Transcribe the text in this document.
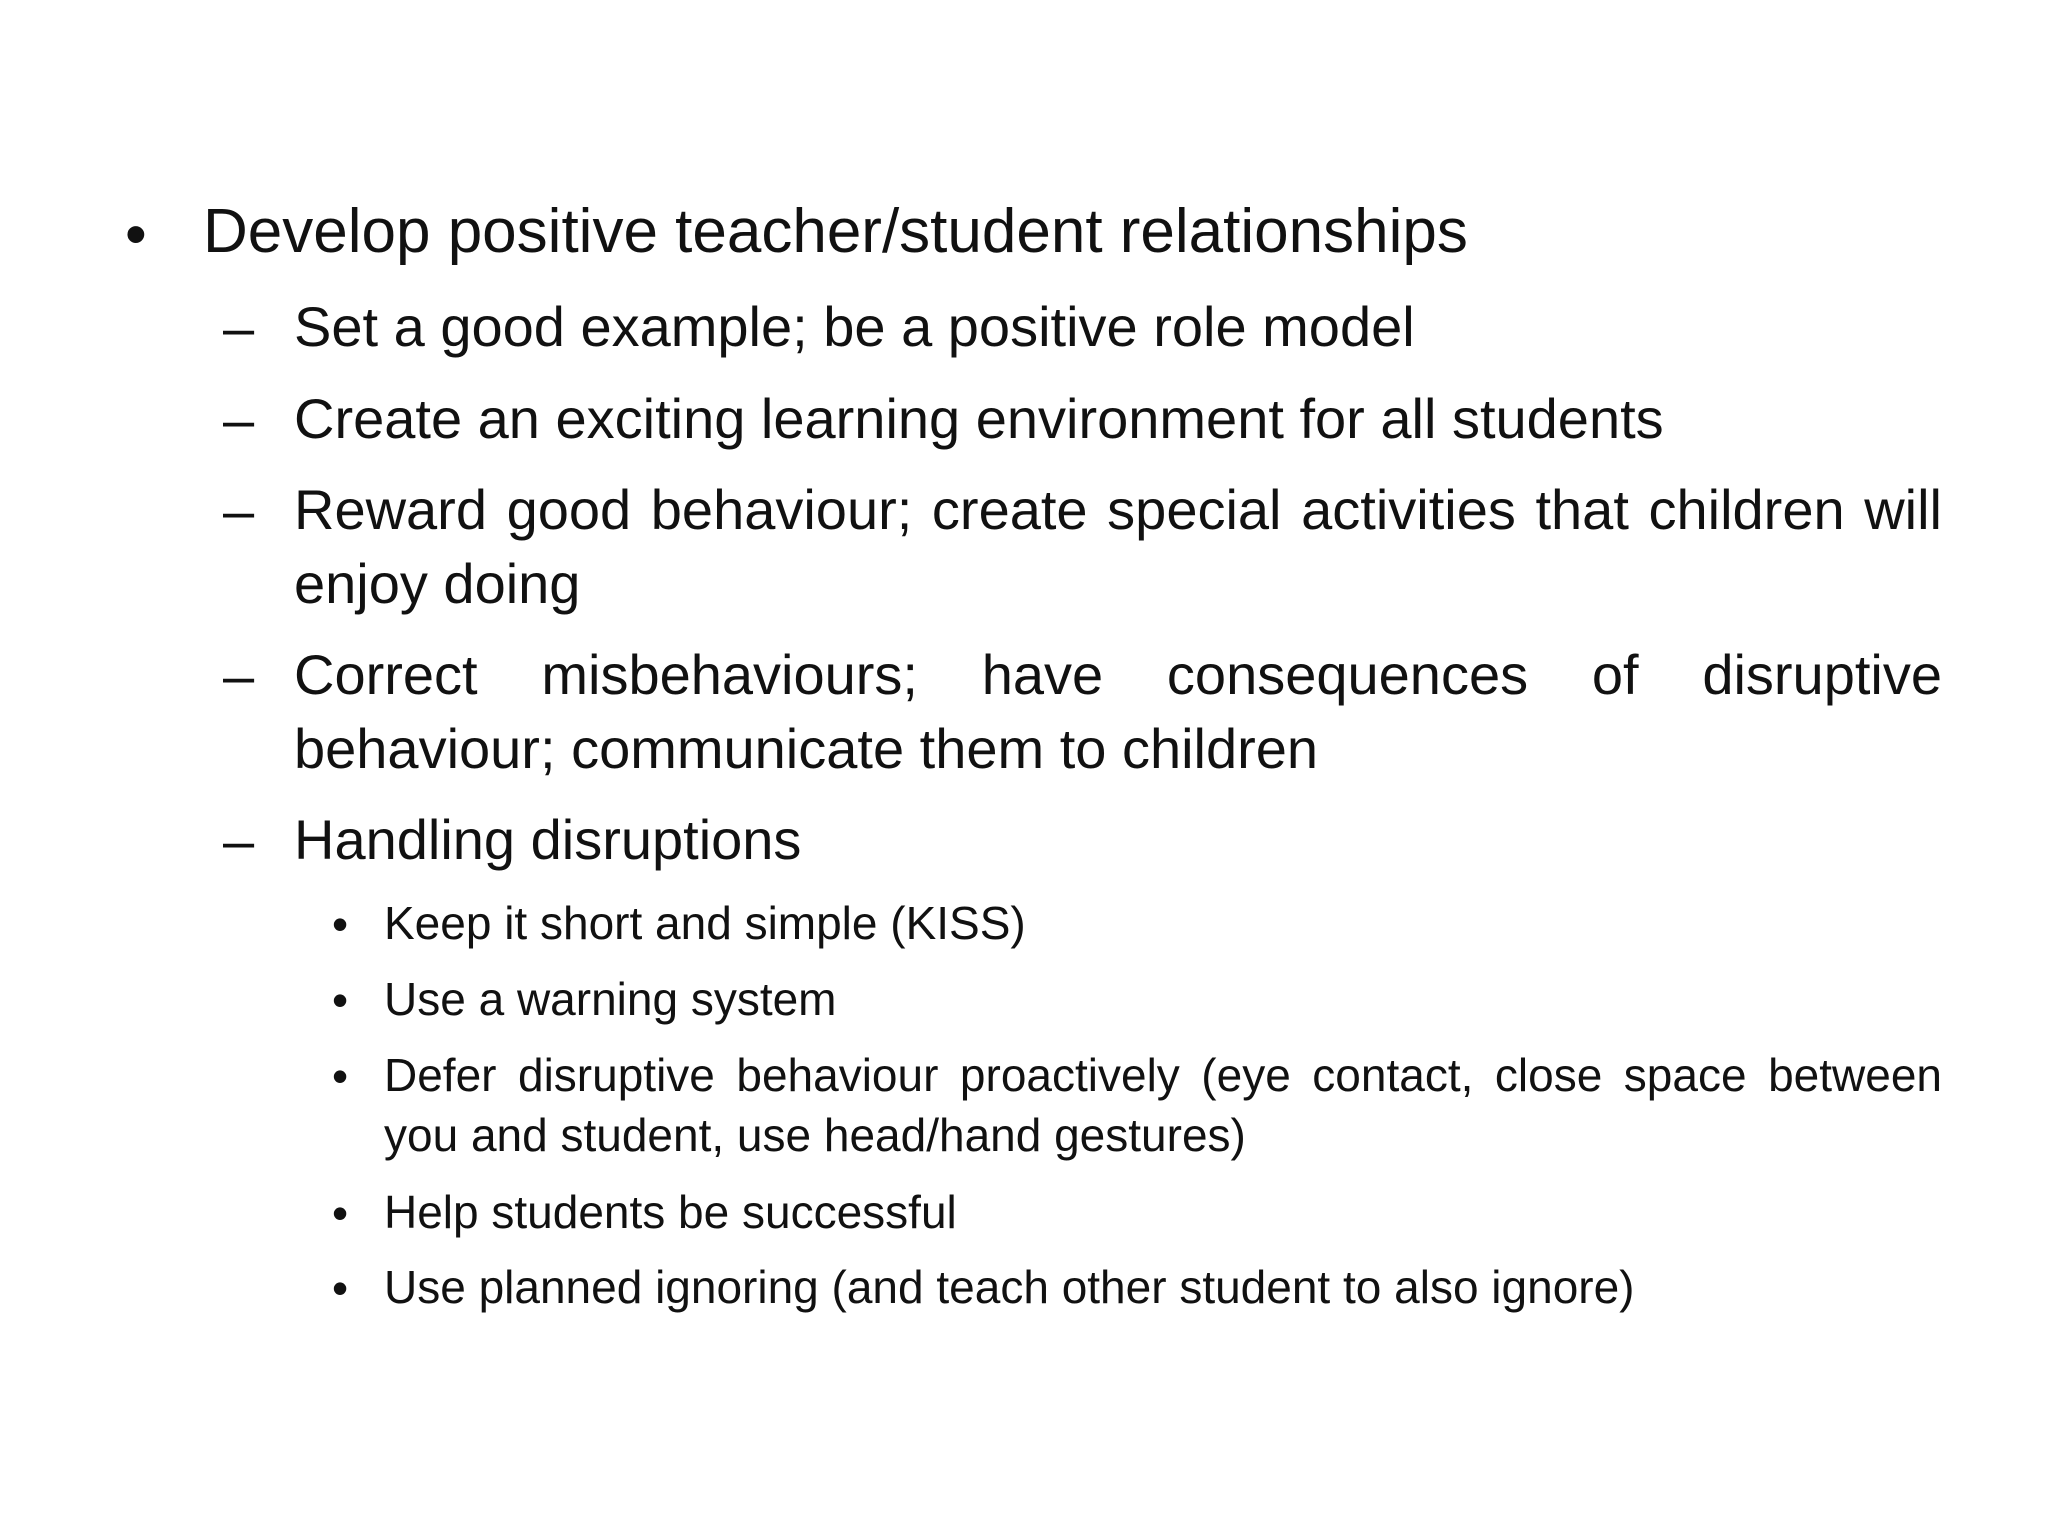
• Develop positive teacher/student relationships
– Set a good example; be a positive role model
– Create an exciting learning environment for all students
– Reward good behaviour; create special activities that children will enjoy doing
– Correct misbehaviours; have consequences of disruptive behaviour; communicate them to children
– Handling disruptions
• Keep it short and simple (KISS)
• Use a warning system
• Defer disruptive behaviour proactively (eye contact, close space between you and student, use head/hand gestures)
• Help students be successful
• Use planned ignoring (and teach other student to also ignore)
